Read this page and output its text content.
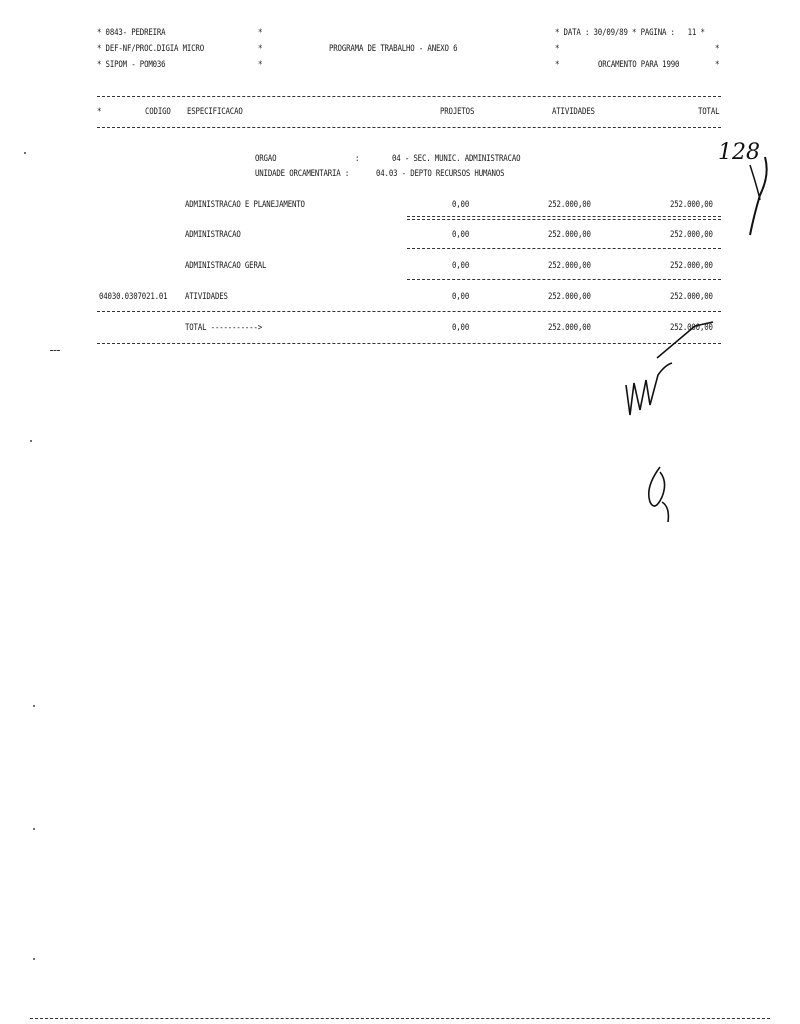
* 0843- PEDREIRA
* DEF-NF/PROC.DIGIA MICRO
* SIPOM - POM036
*
*
*
PROGRAMA DE TRABALHO - ANEXO 6
* DATA : 30/09/89 * PAGINA :   11 *
*	*
*	ORCAMENTO PARA 1990	*
*	CODIGO ESPECIFICACAO	PROJETOS	ATIVIDADES	TOTAL
ORGAO	:	04 - SEC. MUNIC. ADMINISTRACAO
UNIDADE ORCAMENTARIA :	04.03 - DEPTO RECURSOS HUMANOS
ADMINISTRACAO E PLANEJAMENTO	0,00	252.000,00	252.000,00
ADMINISTRACAO	0,00	252.000,00	252.000,00
ADMINISTRACAO GERAL	0,00	252.000,00	252.000,00
04030.0307021.01 ATIVIDADES	0,00	252.000,00	252.000,00
TOTAL ----------->	0,00	252.000,00	252.000,00
128
